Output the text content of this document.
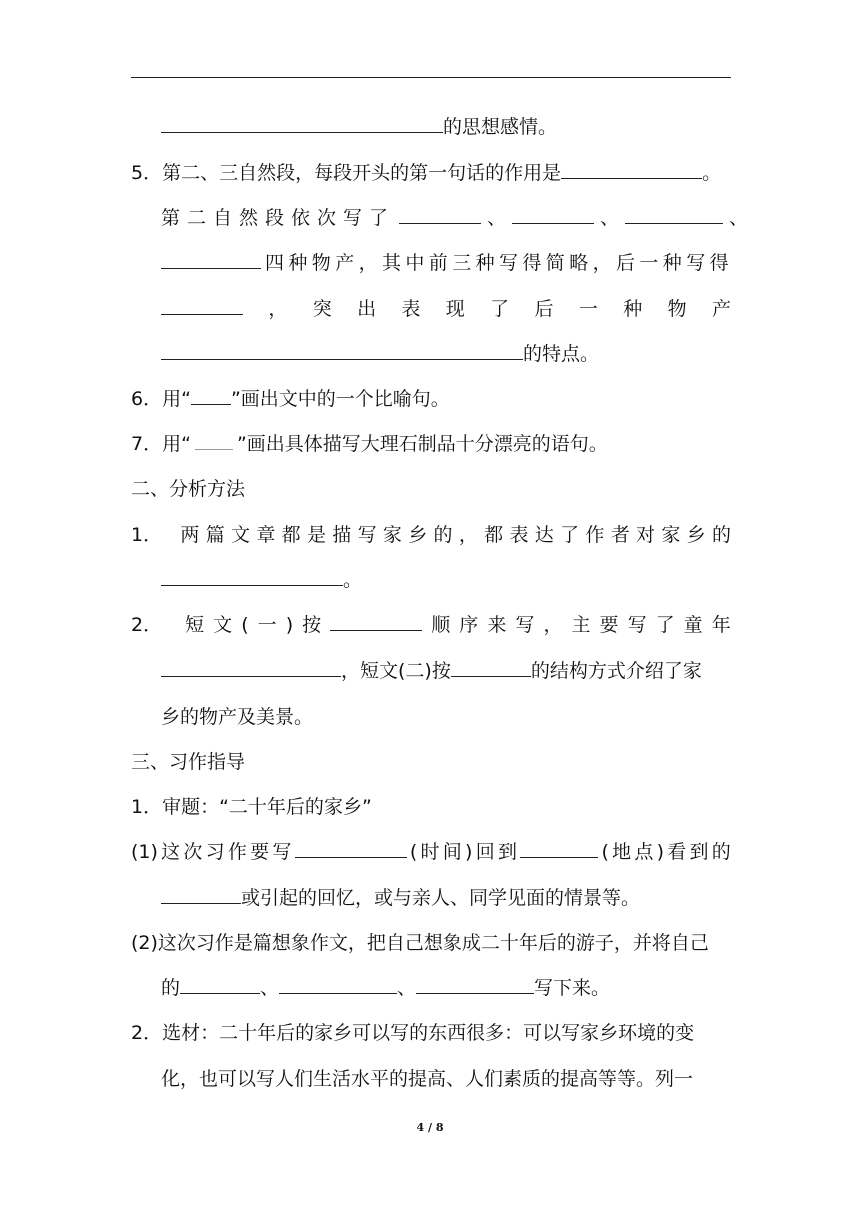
的思想感情。
5．第二、三自然段，每段开头的第一句话的作用是	。
第二自然段依次写了	、	、	、
四种物产，其中前三种写得简略，后一种写得
， 突 出 表 现 了 后 一 种 物 产
的特点。
6．用“ ”画出文中的一个比喻句。
7．用“ ”画出具体描写大理石制品十分漂亮的语句。
二、分析方法
1． 两 篇 文 章 都 是 描 写 家 乡 的 ， 都 表 达 了 作 者 对 家 乡 的
。
2． 短 文 ( 一 ) 按	顺 序 来 写 ， 主 要 写 了 童 年
，短文(二)按	的结构方式介绍了家
乡的物产及美景。
三、习作指导
1．审题：“二十年后的家乡”
(1) 这 次 习 作 要 写	( 时 间 ) 回 到	( 地 点 ) 看 到 的
或引起的回忆，或与亲人、同学见面的情景等。
(2)这次习作是篇想象作文，把自己想象成二十年后的游子，并将自己
的	、	、	写下来。
2．选材：二十年后的家乡可以写的东西很多：可以写家乡环境的变
化，也可以写人们生活水平的提高、人们素质的提高等等。列一
4 / 8
